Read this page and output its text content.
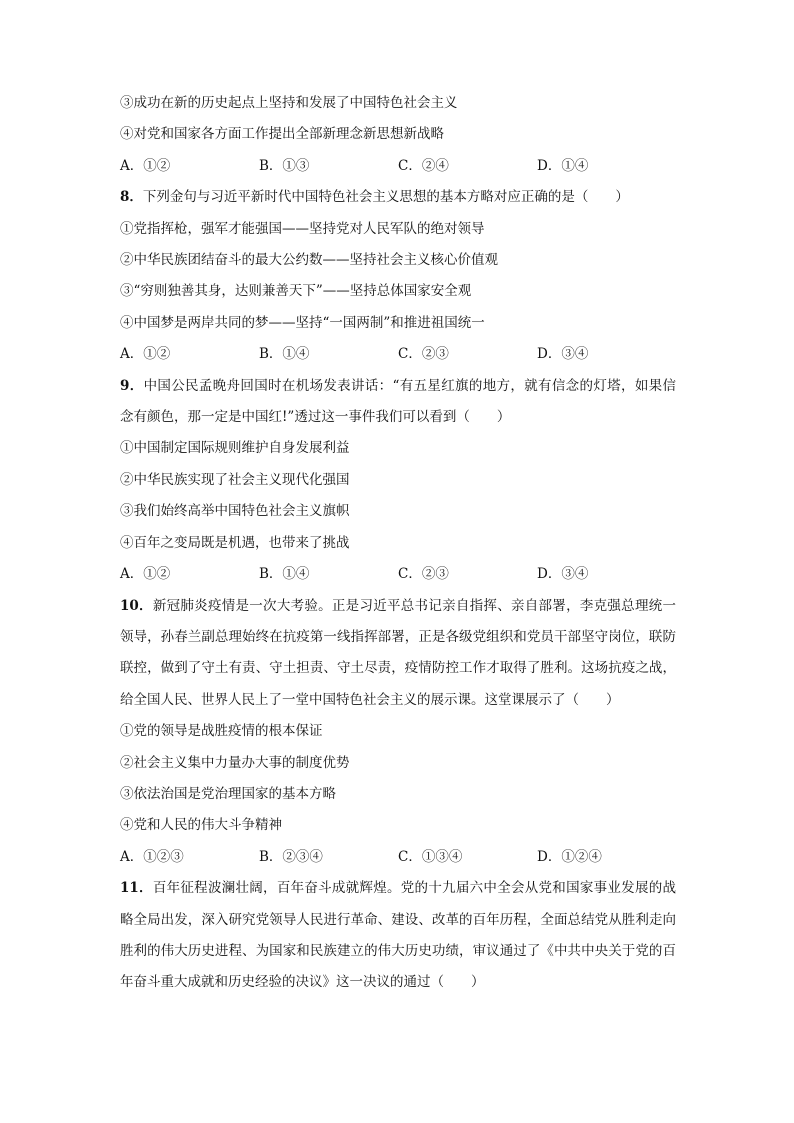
③成功在新的历史起点上坚持和发展了中国特色社会主义
④对党和国家各方面工作提出全部新理念新思想新战略
A．①②	B．①③	C．②④	D．①④
8．下列金句与习近平新时代中国特色社会主义思想的基本方略对应正确的是（　　）
①党指挥枪，强军才能强国——坚持党对人民军队的绝对领导
②中华民族团结奋斗的最大公约数——坚持社会主义核心价值观
③“穷则独善其身，达则兼善天下”——坚持总体国家安全观
④中国梦是两岸共同的梦——坚持“一国两制”和推进祖国统一
A．①②	B．①④	C．②③	D．③④
9．中国公民孟晚舟回国时在机场发表讲话：“有五星红旗的地方，就有信念的灯塔，如果信念有颜色，那一定是中国红!”透过这一事件我们可以看到（　　）
①中国制定国际规则维护自身发展利益
②中华民族实现了社会主义现代化强国
③我们始终高举中国特色社会主义旗帜
④百年之变局既是机遇，也带来了挑战
A．①②	B．①④	C．②③	D．③④
10．新冠肺炎疫情是一次大考验。正是习近平总书记亲自指挥、亲自部署，李克强总理统一领导，孙春兰副总理始终在抗疫第一线指挥部署，正是各级党组织和党员干部坚守岗位，联防联控，做到了守土有责、守土担责、守土尽责，疫情防控工作才取得了胜利。这场抗疫之战，给全国人民、世界人民上了一堂中国特色社会主义的展示课。这堂课展示了（　　）
①党的领导是战胜疫情的根本保证
②社会主义集中力量办大事的制度优势
③依法治国是党治理国家的基本方略
④党和人民的伟大斗争精神
A．①②③	B．②③④	C．①③④	D．①②④
11．百年征程波澜壮阔，百年奋斗成就辉煌。党的十九届六中全会从党和国家事业发展的战略全局出发，深入研究党领导人民进行革命、建设、改革的百年历程，全面总结党从胜利走向胜利的伟大历史进程、为国家和民族建立的伟大历史功绩，审议通过了《中共中央关于党的百年奋斗重大成就和历史经验的决议》这一决议的通过（　　）
